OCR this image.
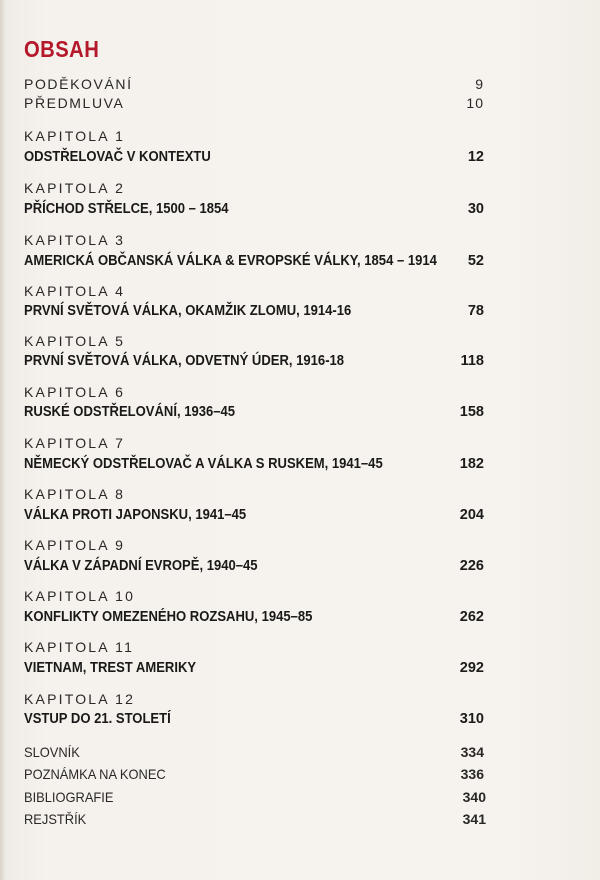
OBSAH
PODĚKOVÁNÍ	9
PŘEDMLUVA	10
KAPITOLA 1
ODSTŘELOVAČ V KONTEXTU	12
KAPITOLA 2
PŘÍCHOD STŘELCE, 1500 – 1854	30
KAPITOLA 3
AMERICKÁ OBČANSKÁ VÁLKA & EVROPSKÉ VÁLKY, 1854 – 1914 52
KAPITOLA 4
PRVNÍ SVĚTOVÁ VÁLKA, OKAMŽIK ZLOMU, 1914-16	78
KAPITOLA 5
PRVNÍ SVĚTOVÁ VÁLKA, ODVETNÝ ÚDER, 1916-18	118
KAPITOLA 6
RUSKÉ ODSTŘELOVÁNÍ, 1936–45	158
KAPITOLA 7
NĚMECKÝ ODSTŘELOVAČ A VÁLKA S RUSKEM, 1941–45	182
KAPITOLA 8
VÁLKA PROTI JAPONSKU, 1941–45	204
KAPITOLA 9
VÁLKA V ZÁPADNÍ EVROPĚ, 1940–45	226
KAPITOLA 10
KONFLIKTY OMEZENÉHO ROZSAHU, 1945–85	262
KAPITOLA 11
VIETNAM, TREST AMERIKY	292
KAPITOLA 12
VSTUP DO 21. STOLETÍ	310
SLOVNÍK	334
POZNÁMKA NA KONEC	336
BIBLIOGRAFIE	340
REJSTŘÍK	341
